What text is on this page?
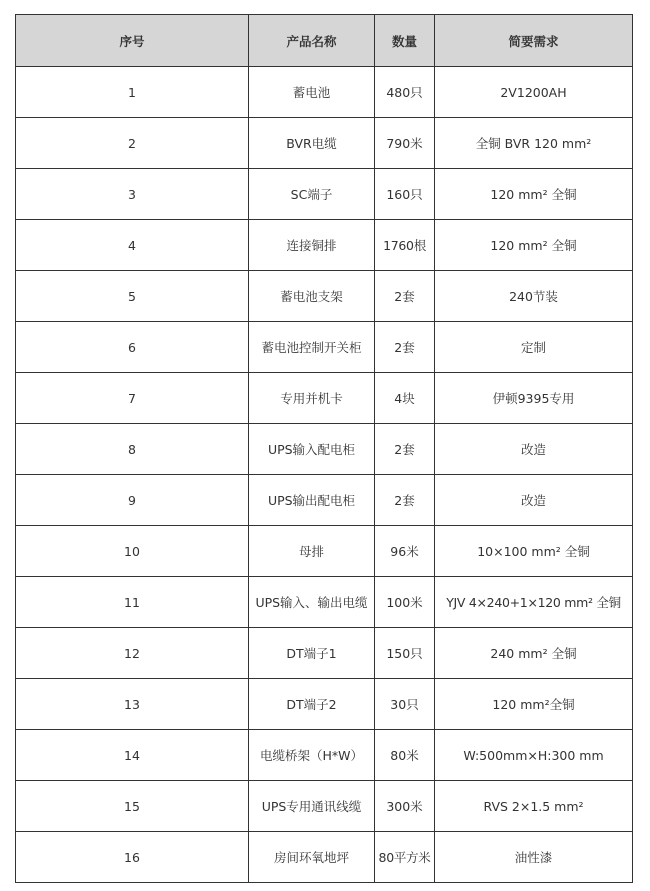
序号	产品名称	数量	简要需求
1	蓄电池	480只	2V1200AH
2	BVR电缆	790米	全铜 BVR 120 mm²
3	SC端子	160只	120 mm² 全铜
4	连接铜排	1760根	120 mm² 全铜
5	蓄电池支架	2套	240节装
6	蓄电池控制开关柜	2套	定制
7	专用并机卡	4块	伊顿9395专用
8	UPS输入配电柜	2套	改造
9	UPS输出配电柜	2套	改造
10	母排	96米	10×100 mm² 全铜
11	UPS输入、输出电缆	100米	YJV 4×240+1×120 mm² 全铜
12	DT端子1	150只	240 mm² 全铜
13	DT端子2	30只	120 mm²全铜
14	电缆桥架（H*W）	80米	W:500mm×H:300 mm
15	UPS专用通讯线缆	300米	RVS 2×1.5 mm²
16	房间环氧地坪	80平方米	油性漆
